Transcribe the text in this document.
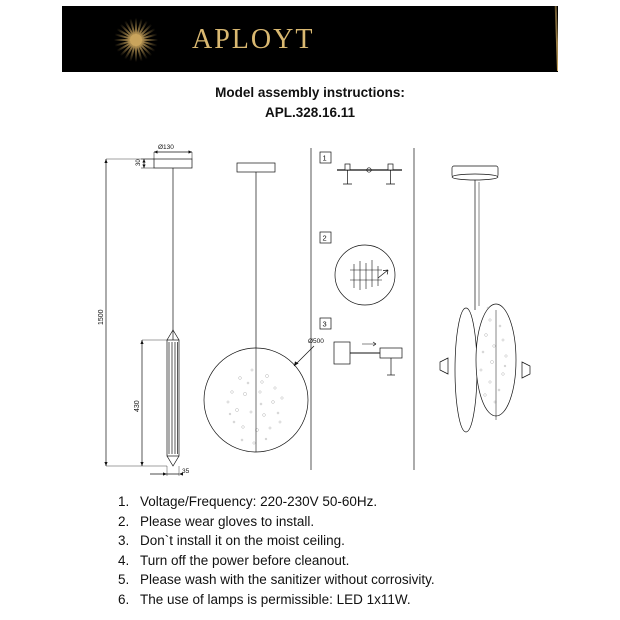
APLOYT
Model assembly instructions:
APL.328.16.11
30
Ø130
1500
430
35
Ø500
1
2
3
1. Voltage/Frequency: 220-230V 50-60Hz.
2. Please wear gloves to install.
3. Don`t install it on the moist ceiling.
4. Turn off the power before cleanout.
5. Please wash with the sanitizer without corrosivity.
6. The use of lamps is permissible: LED 1x11W.
